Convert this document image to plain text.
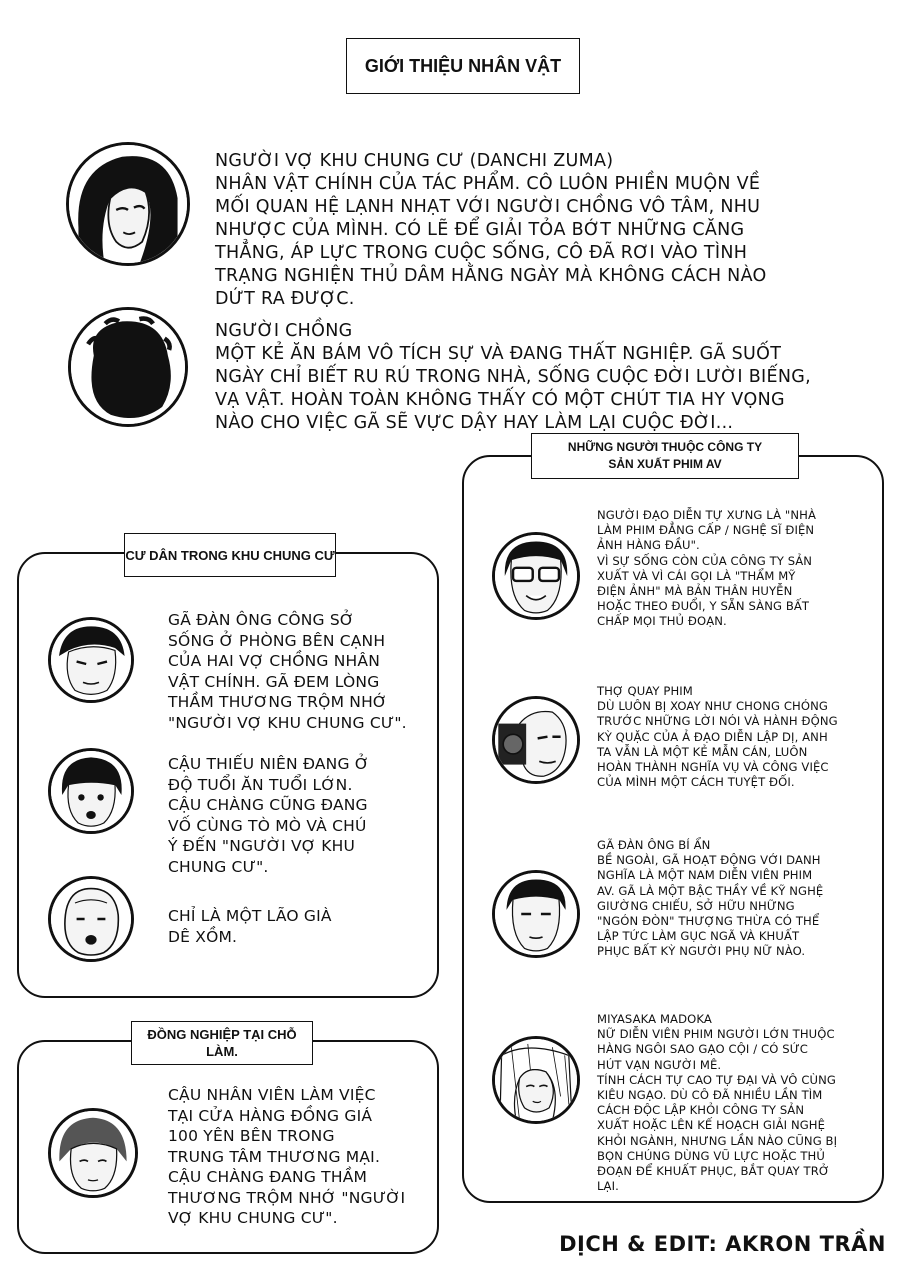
GIỚI THIỆU NHÂN VẬT
NGƯỜI VỢ KHU CHUNG CƯ (DANCHI ZUMA)
NHÂN VẬT CHÍNH CỦA TÁC PHẨM. CÔ LUÔN PHIỀN MUỘN VỀ
MỐI QUAN HỆ LẠNH NHẠT VỚI NGƯỜI CHỒNG VÔ TÂM, NHU
NHƯỢC CỦA MÌNH. CÓ LẼ ĐỂ GIẢI TỎA BỚT NHỮNG CĂNG
THẲNG, ÁP LỰC TRONG CUỘC SỐNG, CÔ ĐÃ RƠI VÀO TÌNH
TRẠNG NGHIỆN THỦ DÂM HẰNG NGÀY MÀ KHÔNG CÁCH NÀO
DỨT RA ĐƯỢC.
NGƯỜI CHỒNG
MỘT KẺ ĂN BÁM VÔ TÍCH SỰ VÀ ĐANG THẤT NGHIỆP. GÃ SUỐT
NGÀY CHỈ BIẾT RU RÚ TRONG NHÀ, SỐNG CUỘC ĐỜI LƯỜI BIẾNG,
VẠ VẬT. HOÀN TOÀN KHÔNG THẤY CÓ MỘT CHÚT TIA HY VỌNG
NÀO CHO VIỆC GÃ SẼ VỰC DẬY HAY LÀM LẠI CUỘC ĐỜI...
CƯ DÂN TRONG KHU CHUNG CƯ
GÃ ĐÀN ÔNG CÔNG SỞ
SỐNG Ở PHÒNG BÊN CẠNH
CỦA HAI VỢ CHỒNG NHÂN
VẬT CHÍNH. GÃ ĐEM LÒNG
THẦM THƯƠNG TRỘM NHỚ
"NGƯỜI VỢ KHU CHUNG CƯ".
CẬU THIẾU NIÊN ĐANG Ở
ĐỘ TUỔI ĂN TUỔI LỚN.
CẬU CHÀNG CŨNG ĐANG
VỐ CÙNG TÒ MÒ VÀ CHÚ
Ý ĐẾN "NGƯỜI VỢ KHU
CHUNG CƯ".
CHỈ LÀ MỘT LÃO GIÀ
DÊ XỒM.
ĐỒNG NGHIỆP TẠI CHỖ LÀM.
CẬU NHÂN VIÊN LÀM VIỆC
TẠI CỬA HÀNG ĐỒNG GIÁ
100 YÊN BÊN TRONG
TRUNG TÂM THƯƠNG MẠI.
CẬU CHÀNG ĐANG THẦM
THƯƠNG TRỘM NHỚ "NGƯỜI
VỢ KHU CHUNG CƯ".
NHỮNG NGƯỜI THUỘC CÔNG TY
SẢN XUẤT PHIM AV
NGƯỜI ĐẠO DIỄN TỰ XƯNG LÀ "NHÀ
LÀM PHIM ĐẲNG CẤP / NGHỆ SĨ ĐIỆN
ẢNH HÀNG ĐẦU".
VÌ SỰ SỐNG CÒN CỦA CÔNG TY SẢN
XUẤT VÀ VÌ CÁI GỌI LÀ "THẨM MỸ
ĐIỆN ẢNH" MÀ BẢN THÂN HUYỄN
HOẶC THEO ĐUỔI, Y SẴN SÀNG BẤT
CHẤP MỌI THỦ ĐOẠN.
THỢ QUAY PHIM
DÙ LUÔN BỊ XOAY NHƯ CHONG CHÓNG
TRƯỚC NHỮNG LỜI NÓI VÀ HÀNH ĐỘNG
KỲ QUẶC CỦA Ả ĐẠO DIỄN LẬP DỊ, ANH
TA VẪN LÀ MỘT KẺ MẪN CÁN, LUÔN
HOÀN THÀNH NGHĨA VỤ VÀ CÔNG VIỆC
CỦA MÌNH MỘT CÁCH TUYỆT ĐỐI.
GÃ ĐÀN ÔNG BÍ ẨN
BỀ NGOÀI, GÃ HOẠT ĐỘNG VỚI DANH
NGHĨA LÀ MỘT NAM DIỄN VIÊN PHIM
AV. GÃ LÀ MỘT BẬC THẦY VỀ KỸ NGHỆ
GIƯỜNG CHIẾU, SỞ HỮU NHỮNG
"NGÓN ĐÒN" THƯỢNG THỪA CÓ THỂ
LẬP TỨC LÀM GỤC NGÃ VÀ KHUẤT
PHỤC BẤT KỲ NGƯỜI PHỤ NỮ NÀO.
MIYASAKA MADOKA
NỮ DIỄN VIÊN PHIM NGƯỜI LỚN THUỘC
HÀNG NGÔI SAO GẠO CỘI / CÓ SỨC
HÚT VẠN NGƯỜI MÊ.
TÍNH CÁCH TỰ CAO TỰ ĐẠI VÀ VÔ CÙNG
KIÊU NGẠO. DÙ CÔ ĐÃ NHIỀU LẦN TÌM
CÁCH ĐỘC LẬP KHỎI CÔNG TY SẢN
XUẤT HOẶC LÊN KẾ HOẠCH GIẢI NGHỆ
KHỎI NGÀNH, NHƯNG LẦN NÀO CŨNG BỊ
BỌN CHÚNG DÙNG VŨ LỰC HOẶC THỦ
ĐOẠN ĐỂ KHUẤT PHỤC, BẮT QUAY TRỞ
LẠI.
DỊCH & EDIT: AKRON TRẦN
